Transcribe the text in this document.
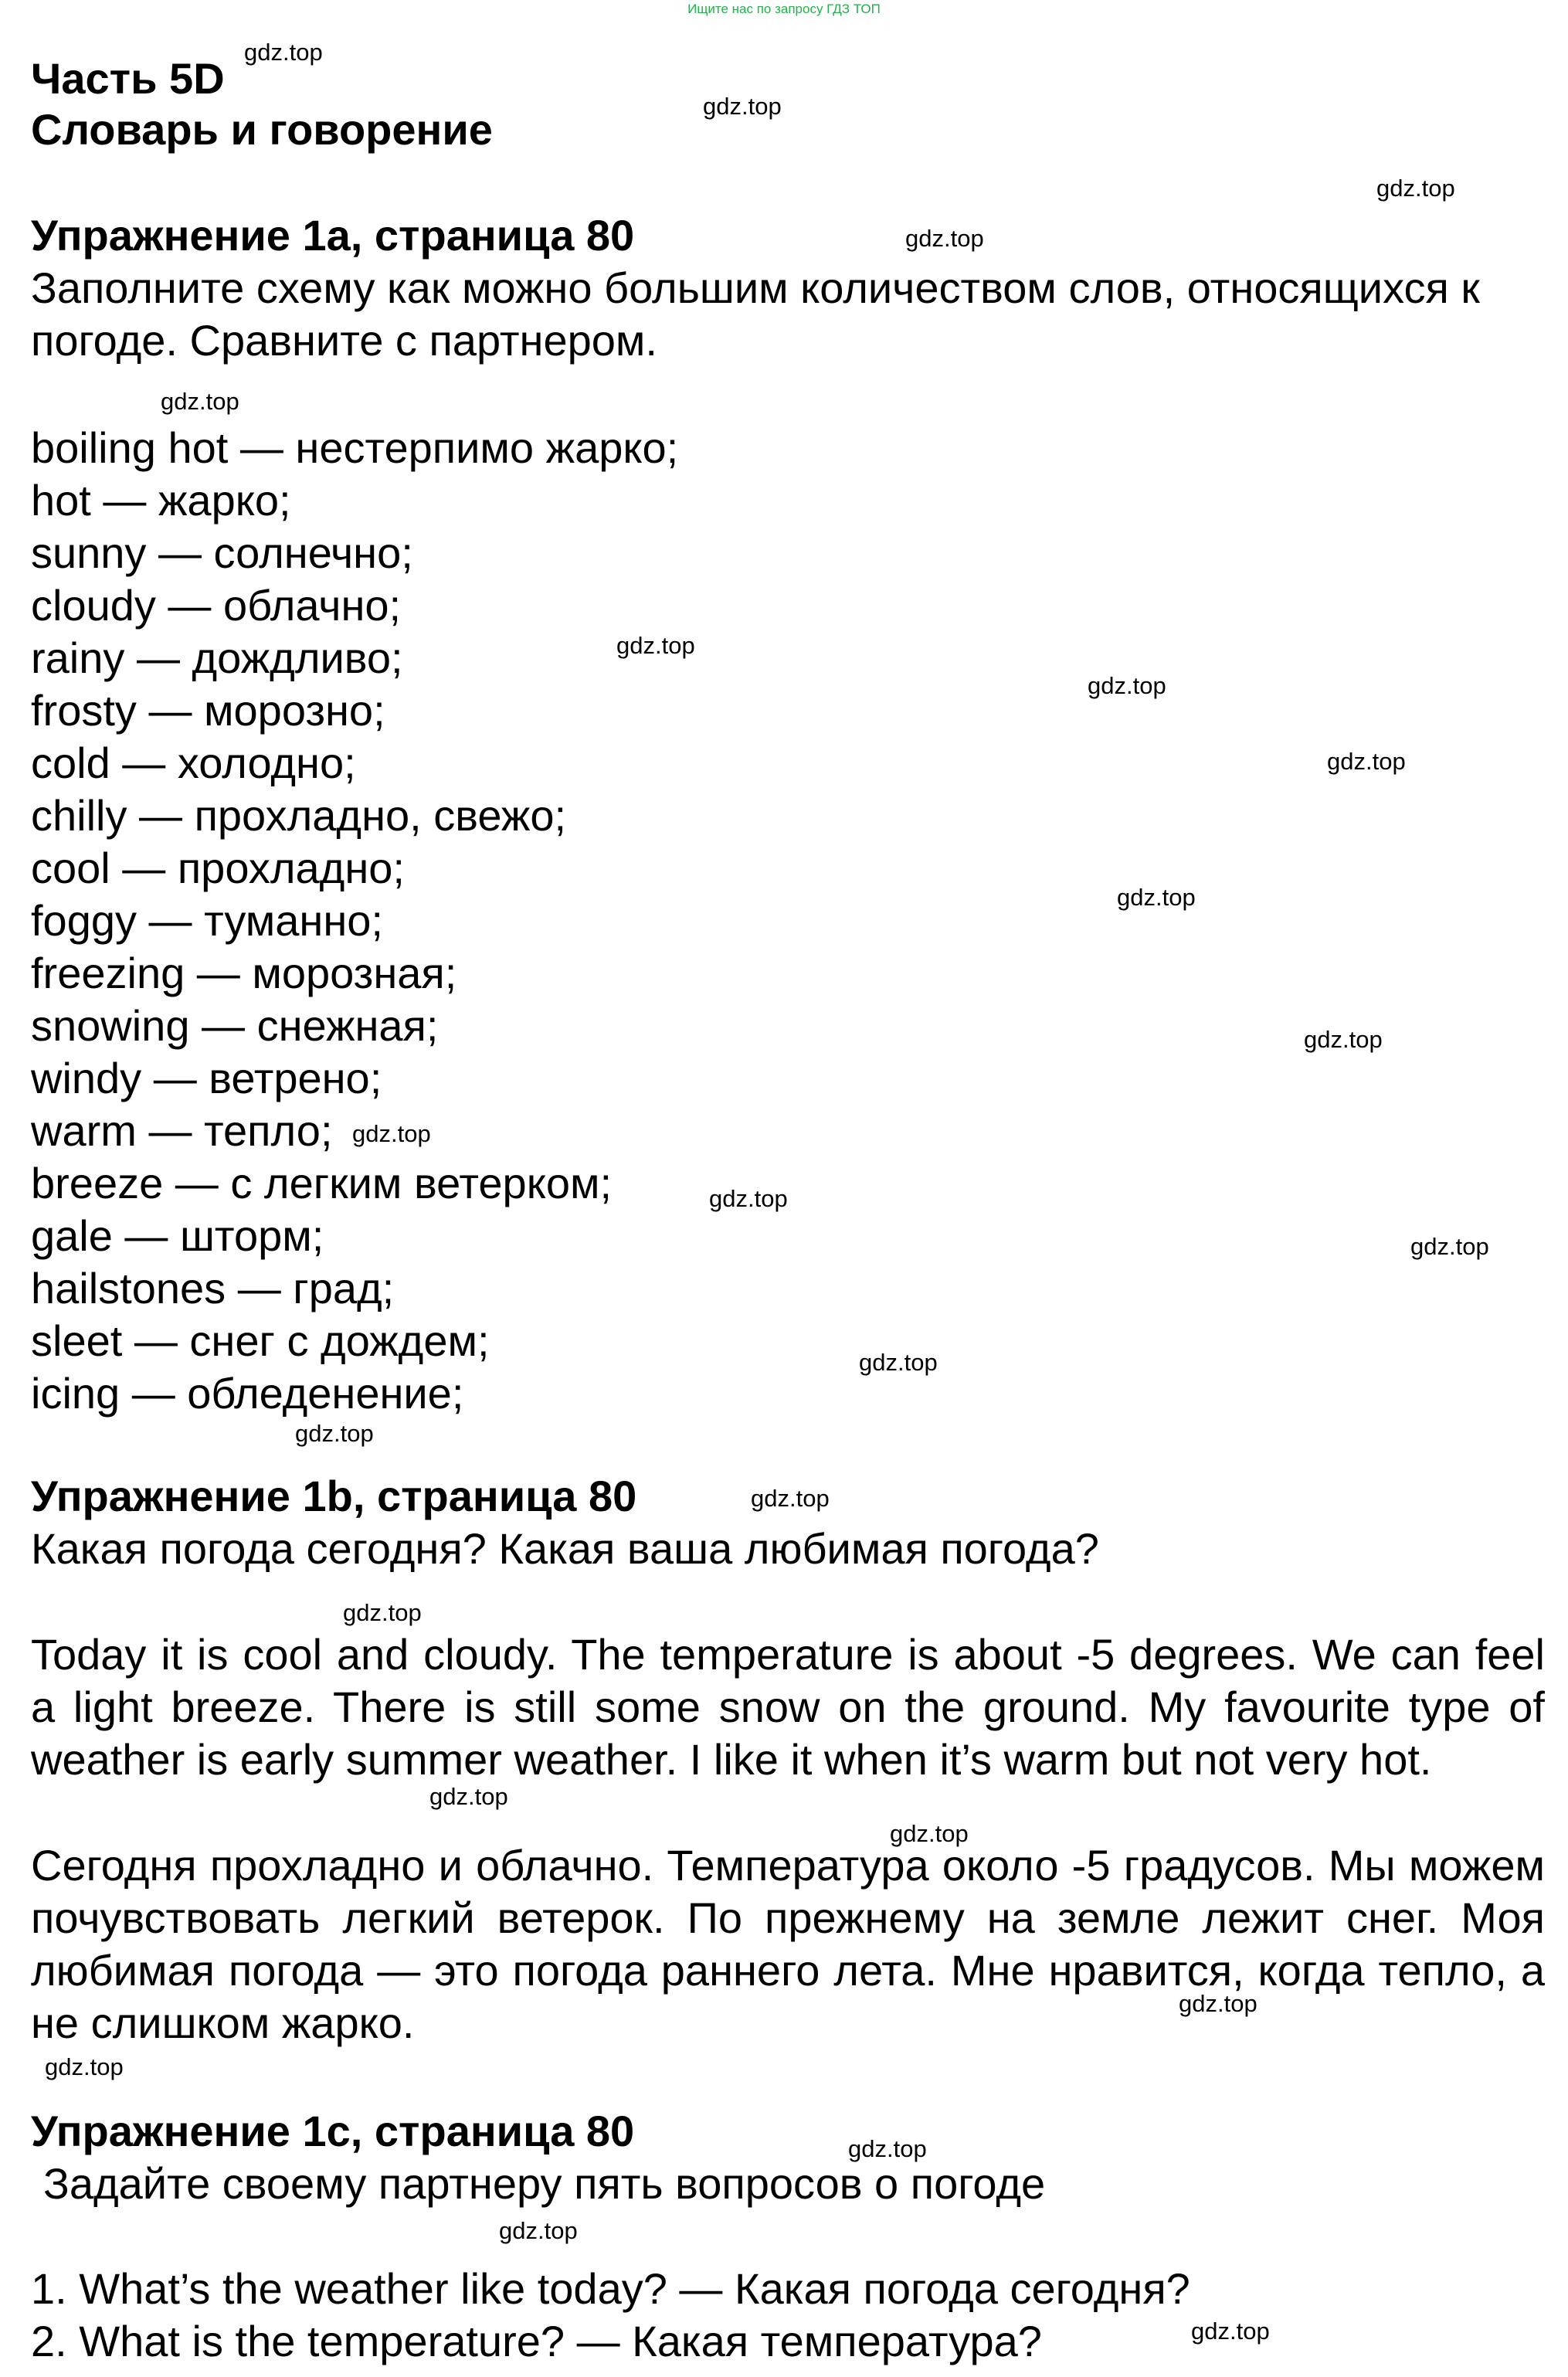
Ищите нас по запросу ГДЗ ТОП
Часть 5D
Словарь и говорение
Упражнение 1a, страница 80

Заполните схему как можно большим количеством слов, относящихся к

погоде. Сравните с партнером.

boiling hot — нестерпимо жарко;

hot — жарко;

sunny — солнечно;

cloudy — облачно;

rainy — дождливо;

frosty — морозно;

cold — холодно;

chilly — прохладно, свежо;

cool — прохладно;

foggy — туманно;

freezing — морозная;

snowing — снежная;

windy — ветрено;

warm — тепло;

breeze — с легким ветерком;

gale — шторм;

hailstones — град;

sleet — снег с дождем;

icing — обледенение;

Упражнение 1b, страница 80

Какая погода сегодня? Какая ваша любимая погода?

Today it is cool and cloudy. The temperature is about -5 degrees. We can feel a light breeze. There is still some snow on the ground. My favourite type of weather is early summer weather. I like it when it’s warm but not very hot.

Сегодня прохладно и облачно. Температура около -5 градусов. Мы можем почувствовать легкий ветерок. По прежнему на земле лежит снег. Моя любимая погода — это погода раннего лета. Мне нравится, когда тепло, а не слишком жарко.

Упражнение 1c, страница 80

Задайте своему партнеру пять вопросов о погоде

1. What’s the weather like today? — Какая погода сегодня?

2. What is the temperature? — Какая температура?

gdz.top
gdz.top
gdz.top
gdz.top
gdz.top
gdz.top
gdz.top
gdz.top
gdz.top
gdz.top
gdz.top
gdz.top
gdz.top
gdz.top
gdz.top
gdz.top
gdz.top
gdz.top
gdz.top
gdz.top
gdz.top
gdz.top
gdz.top
gdz.top
